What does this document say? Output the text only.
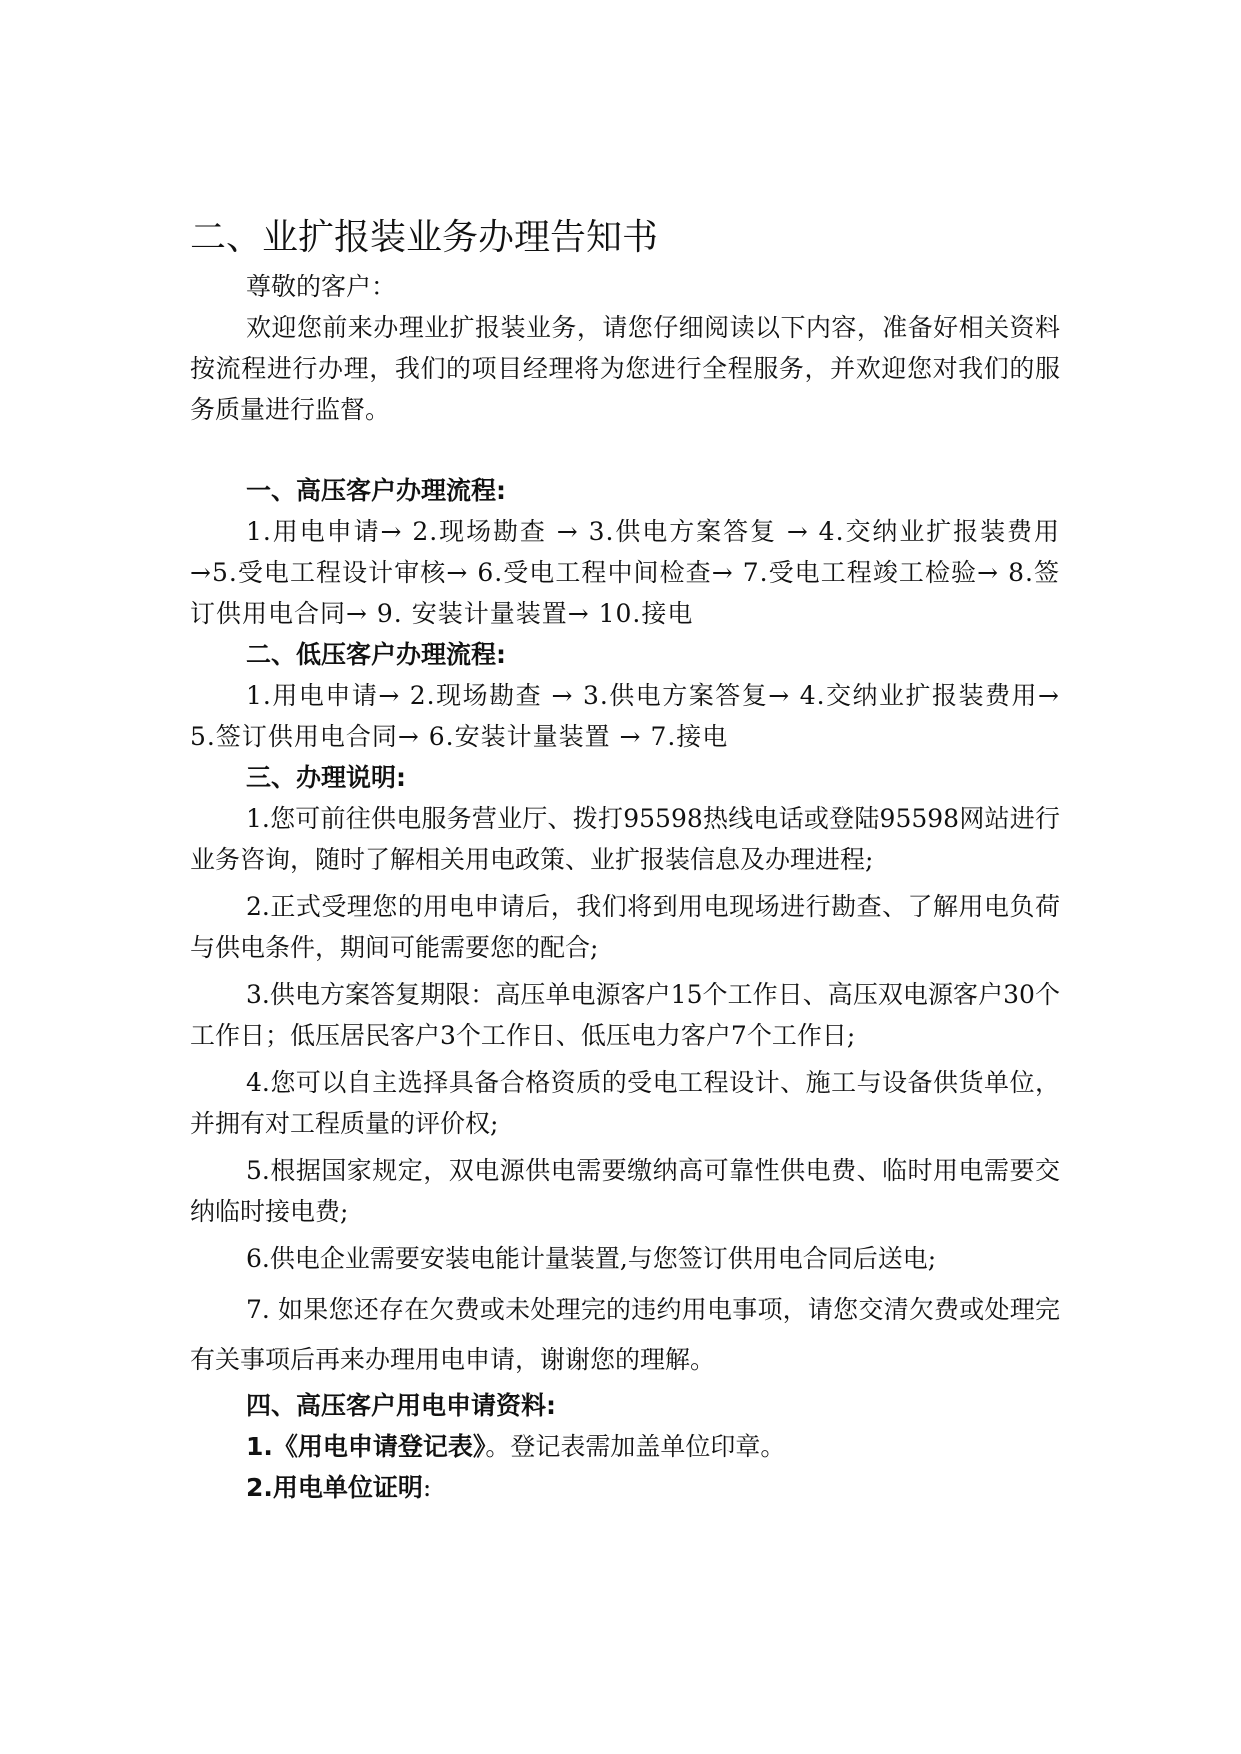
二、业扩报装业务办理告知书

尊敬的客户：

欢迎您前来办理业扩报装业务，请您仔细阅读以下内容，准备好相关资料按流程进行办理，我们的项目经理将为您进行全程服务，并欢迎您对我们的服务质量进行监督。

一、高压客户办理流程:

1.用电申请→ 2.现场勘查 → 3.供电方案答复 → 4.交纳业扩报装费用 →5.受电工程设计审核→ 6.受电工程中间检查→ 7.受电工程竣工检验→ 8.签订供用电合同→ 9. 安装计量装置→ 10.接电

二、低压客户办理流程:

1.用电申请→ 2.现场勘查 → 3.供电方案答复→ 4.交纳业扩报装费用→ 5.签订供用电合同→ 6.安装计量装置 → 7.接电

三、办理说明:

1.您可前往供电服务营业厅、拨打95598热线电话或登陆95598网站进行业务咨询，随时了解相关用电政策、业扩报装信息及办理进程;

2.正式受理您的用电申请后，我们将到用电现场进行勘查、了解用电负荷与供电条件，期间可能需要您的配合;

3.供电方案答复期限：高压单电源客户15个工作日、高压双电源客户30个工作日；低压居民客户3个工作日、低压电力客户7个工作日;

4.您可以自主选择具备合格资质的受电工程设计、施工与设备供货单位，并拥有对工程质量的评价权;

5.根据国家规定，双电源供电需要缴纳高可靠性供电费、临时用电需要交纳临时接电费;

6.供电企业需要安装电能计量装置,与您签订供用电合同后送电;

7. 如果您还存在欠费或未处理完的违约用电事项，请您交清欠费或处理完有关事项后再来办理用电申请，谢谢您的理解。

四、高压客户用电申请资料:

1.《用电申请登记表》。登记表需加盖单位印章。

2.用电单位证明:
